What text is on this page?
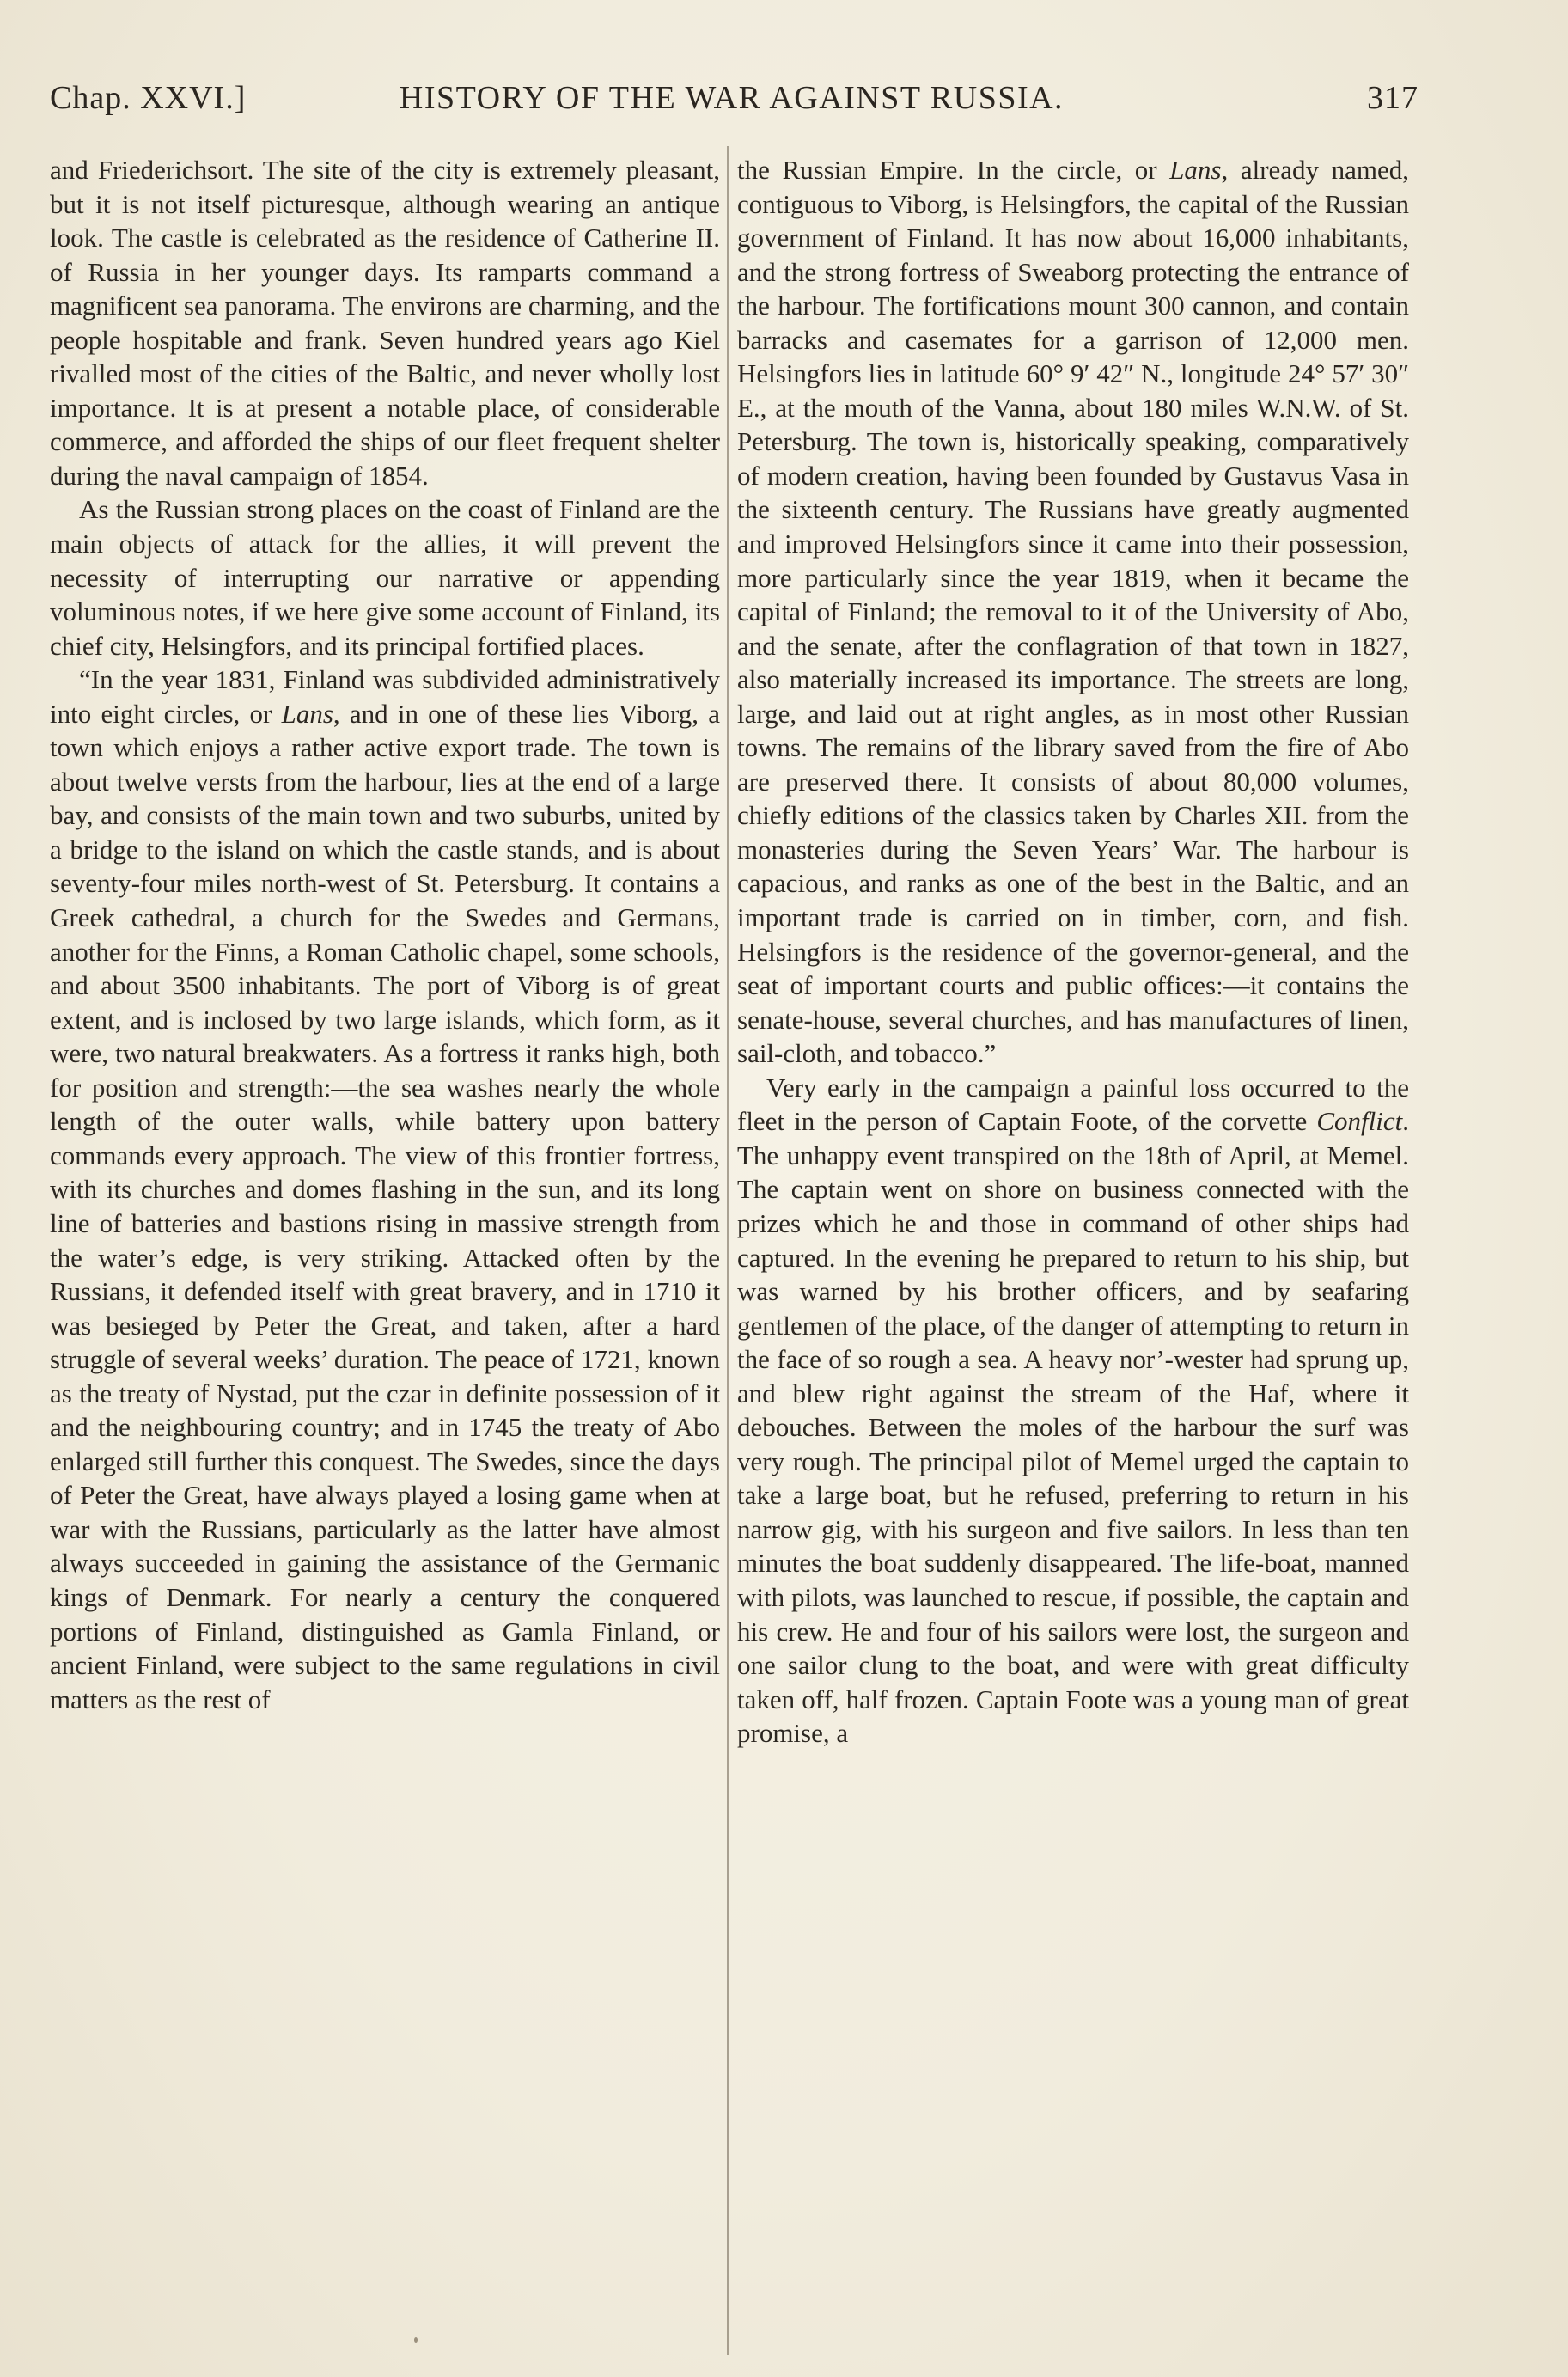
Chap. XXVI.]	HISTORY OF THE WAR AGAINST RUSSIA.	317

and Friederichsort. The site of the city is extremely pleasant, but it is not itself picturesque, although wearing an antique look. The castle is celebrated as the residence of Catherine II. of Russia in her younger days. Its ramparts command a magnificent sea panorama. The environs are charming, and the people hospitable and frank. Seven hundred years ago Kiel rivalled most of the cities of the Baltic, and never wholly lost importance. It is at present a notable place, of considerable commerce, and afforded the ships of our fleet frequent shelter during the naval campaign of 1854.

As the Russian strong places on the coast of Finland are the main objects of attack for the allies, it will prevent the necessity of interrupting our narrative or appending voluminous notes, if we here give some account of Finland, its chief city, Helsingfors, and its principal fortified places.

“In the year 1831, Finland was subdivided administratively into eight circles, or Lans, and in one of these lies Viborg, a town which enjoys a rather active export trade. The town is about twelve versts from the harbour, lies at the end of a large bay, and consists of the main town and two suburbs, united by a bridge to the island on which the castle stands, and is about seventy-four miles north-west of St. Petersburg. It contains a Greek cathedral, a church for the Swedes and Germans, another for the Finns, a Roman Catholic chapel, some schools, and about 3500 inhabitants. The port of Viborg is of great extent, and is inclosed by two large islands, which form, as it were, two natural breakwaters. As a fortress it ranks high, both for position and strength:—the sea washes nearly the whole length of the outer walls, while battery upon battery commands every approach. The view of this frontier fortress, with its churches and domes flashing in the sun, and its long line of batteries and bastions rising in massive strength from the water’s edge, is very striking. Attacked often by the Russians, it defended itself with great bravery, and in 1710 it was besieged by Peter the Great, and taken, after a hard struggle of several weeks’ duration. The peace of 1721, known as the treaty of Nystad, put the czar in definite possession of it and the neighbouring country; and in 1745 the treaty of Abo enlarged still further this conquest. The Swedes, since the days of Peter the Great, have always played a losing game when at war with the Russians, particularly as the latter have almost always succeeded in gaining the assistance of the Germanic kings of Denmark. For nearly a century the conquered portions of Finland, distinguished as Gamla Finland, or ancient Finland, were subject to the same regulations in civil matters as the rest of

the Russian Empire. In the circle, or Lans, already named, contiguous to Viborg, is Helsingfors, the capital of the Russian government of Finland. It has now about 16,000 inhabitants, and the strong fortress of Sweaborg protecting the entrance of the harbour. The fortifications mount 300 cannon, and contain barracks and casemates for a garrison of 12,000 men. Helsingfors lies in latitude 60° 9′ 42″ N., longitude 24° 57′ 30″ E., at the mouth of the Vanna, about 180 miles W.N.W. of St. Petersburg. The town is, historically speaking, comparatively of modern creation, having been founded by Gustavus Vasa in the sixteenth century. The Russians have greatly augmented and improved Helsingfors since it came into their possession, more particularly since the year 1819, when it became the capital of Finland; the removal to it of the University of Abo, and the senate, after the conflagration of that town in 1827, also materially increased its importance. The streets are long, large, and laid out at right angles, as in most other Russian towns. The remains of the library saved from the fire of Abo are preserved there. It consists of about 80,000 volumes, chiefly editions of the classics taken by Charles XII. from the monasteries during the Seven Years’ War. The harbour is capacious, and ranks as one of the best in the Baltic, and an important trade is carried on in timber, corn, and fish. Helsingfors is the residence of the governor-general, and the seat of important courts and public offices:—it contains the senate-house, several churches, and has manufactures of linen, sail-cloth, and tobacco.”

Very early in the campaign a painful loss occurred to the fleet in the person of Captain Foote, of the corvette Conflict. The unhappy event transpired on the 18th of April, at Memel. The captain went on shore on business connected with the prizes which he and those in command of other ships had captured. In the evening he prepared to return to his ship, but was warned by his brother officers, and by seafaring gentlemen of the place, of the danger of attempting to return in the face of so rough a sea. A heavy nor’-wester had sprung up, and blew right against the stream of the Haf, where it debouches. Between the moles of the harbour the surf was very rough. The principal pilot of Memel urged the captain to take a large boat, but he refused, preferring to return in his narrow gig, with his surgeon and five sailors. In less than ten minutes the boat suddenly disappeared. The life-boat, manned with pilots, was launched to rescue, if possible, the captain and his crew. He and four of his sailors were lost, the surgeon and one sailor clung to the boat, and were with great difficulty taken off, half frozen. Captain Foote was a young man of great promise, a
